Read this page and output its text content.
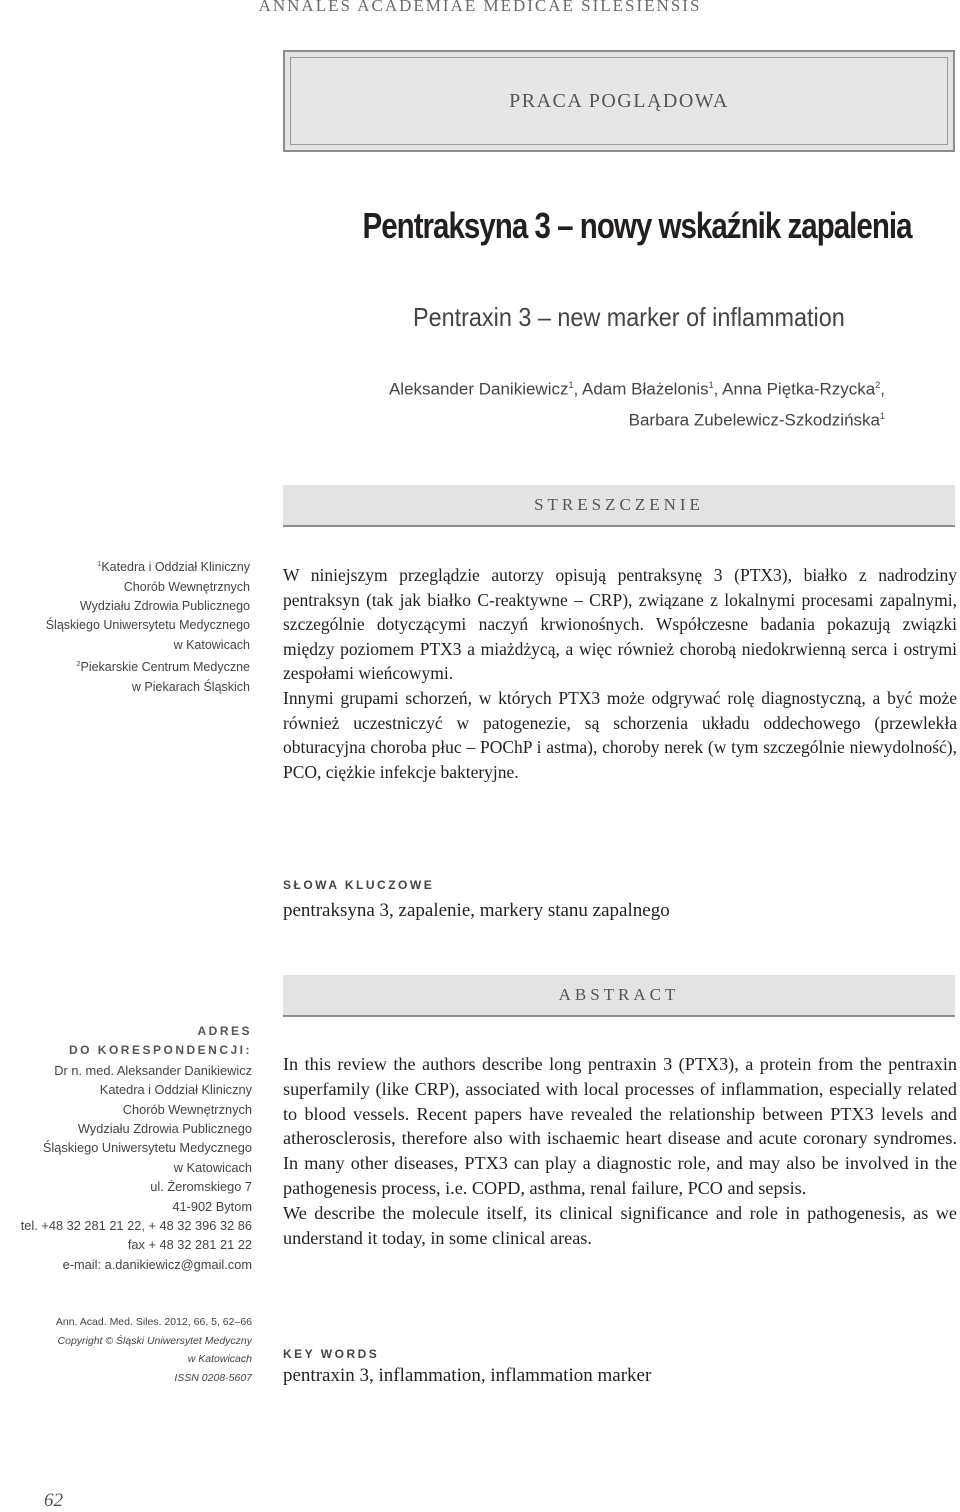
ANNALES ACADEMIAE MEDICAE SILESIENSIS
PRACA POGLĄDOWA
Pentraksyna 3 – nowy wskaźnik zapalenia
Pentraxin 3 – new marker of inflammation
Aleksander Danikiewicz$^1$, Adam Błażelonis$^1$, Anna Piętka-Rzycka$^2$,
Barbara Zubelewicz-Szkodzińska$^1$
STRESZCZENIE
$^1$Katedra i Oddział Kliniczny
Chorób Wewnętrznych
Wydziału Zdrowia Publicznego
Śląskiego Uniwersytetu Medycznego
w Katowicach
$^2$Piekarskie Centrum Medyczne
w Piekarach Śląskich

W niniejszym przeglądzie autorzy opisują pentraksynę 3 (PTX3), białko z nadrodziny pentraksyn (tak jak białko C-reaktywne – CRP), związane z lokalnymi procesami zapalnymi, szczególnie dotyczącymi naczyń krwionośnych. Współczesne badania pokazują związki między poziomem PTX3 a miażdżycą, a więc również chorobą niedokrwienną serca i ostrymi zespołami wieńcowymi.

Innymi grupami schorzeń, w których PTX3 może odgrywać rolę diagnostyczną, a być może również uczestniczyć w patogenezie, są schorzenia układu oddechowego (przewlekła obturacyjna choroba płuc – POChP i astma), choroby nerek (w tym szczególnie niewydolność), PCO, ciężkie infekcje bakteryjne.

SŁOWA KLUCZOWE
pentraksyna 3, zapalenie, markery stanu zapalnego
ABSTRACT
ADRES
DO KORESPONDENCJI:
Dr n. med. Aleksander Danikiewicz
Katedra i Oddział Kliniczny
Chorób Wewnętrznych
Wydziału Zdrowia Publicznego
Śląskiego Uniwersytetu Medycznego
w Katowicach
ul. Żeromskiego 7
41-902 Bytom
tel. +48 32 281 21 22, + 48 32 396 32 86
fax + 48 32 281 21 22
e-mail: a.danikiewicz@gmail.com
Ann. Acad. Med. Siles. 2012, 66, 5, 62–66
Copyright © Śląski Uniwersytet Medyczny
w Katowicach
ISSN 0208-5607

In this review the authors describe long pentraxin 3 (PTX3), a protein from the pentraxin superfamily (like CRP), associated with local processes of inflammation, especially related to blood vessels. Recent papers have revealed the relationship between PTX3 levels and atherosclerosis, therefore also with ischaemic heart disease and acute coronary syndromes. In many other diseases, PTX3 can play a diagnostic role, and may also be involved in the pathogenesis process, i.e. COPD, asthma, renal failure, PCO and sepsis.

We describe the molecule itself, its clinical significance and role in pathogenesis, as we understand it today, in some clinical areas.

KEY WORDS
pentraxin 3, inflammation, inflammation marker
62
